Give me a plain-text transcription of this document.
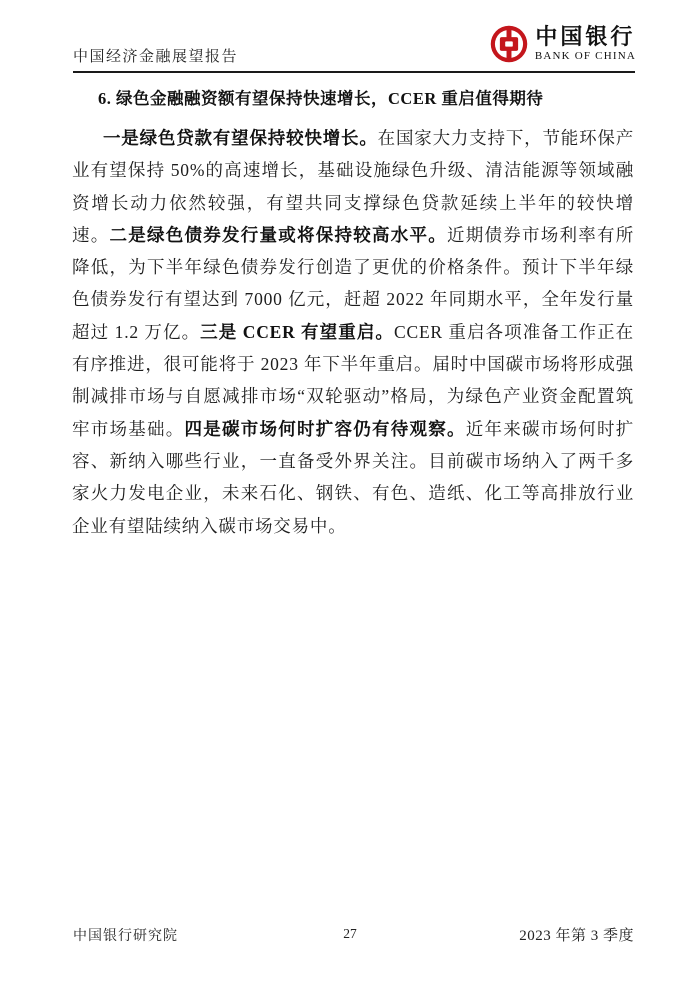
中国经济金融展望报告
中国银行
BANK OF CHINA
6. 绿色金融融资额有望保持快速增长，CCER 重启值得期待

一是绿色贷款有望保持较快增长。在国家大力支持下，节能环保产业有望保持 50%的高速增长，基础设施绿色升级、清洁能源等领域融资增长动力依然较强，有望共同支撑绿色贷款延续上半年的较快增速。二是绿色债券发行量或将保持较高水平。近期债券市场利率有所降低，为下半年绿色债券发行创造了更优的价格条件。预计下半年绿色债券发行有望达到 7000 亿元，赶超 2022 年同期水平，全年发行量超过 1.2 万亿。三是 CCER 有望重启。CCER 重启各项准备工作正在有序推进，很可能将于 2023 年下半年重启。届时中国碳市场将形成强制减排市场与自愿减排市场“双轮驱动”格局，为绿色产业资金配置筑牢市场基础。四是碳市场何时扩容仍有待观察。近年来碳市场何时扩容、新纳入哪些行业，一直备受外界关注。目前碳市场纳入了两千多家火力发电企业，未来石化、钢铁、有色、造纸、化工等高排放行业企业有望陆续纳入碳市场交易中。

中国银行研究院	27	2023 年第 3 季度
